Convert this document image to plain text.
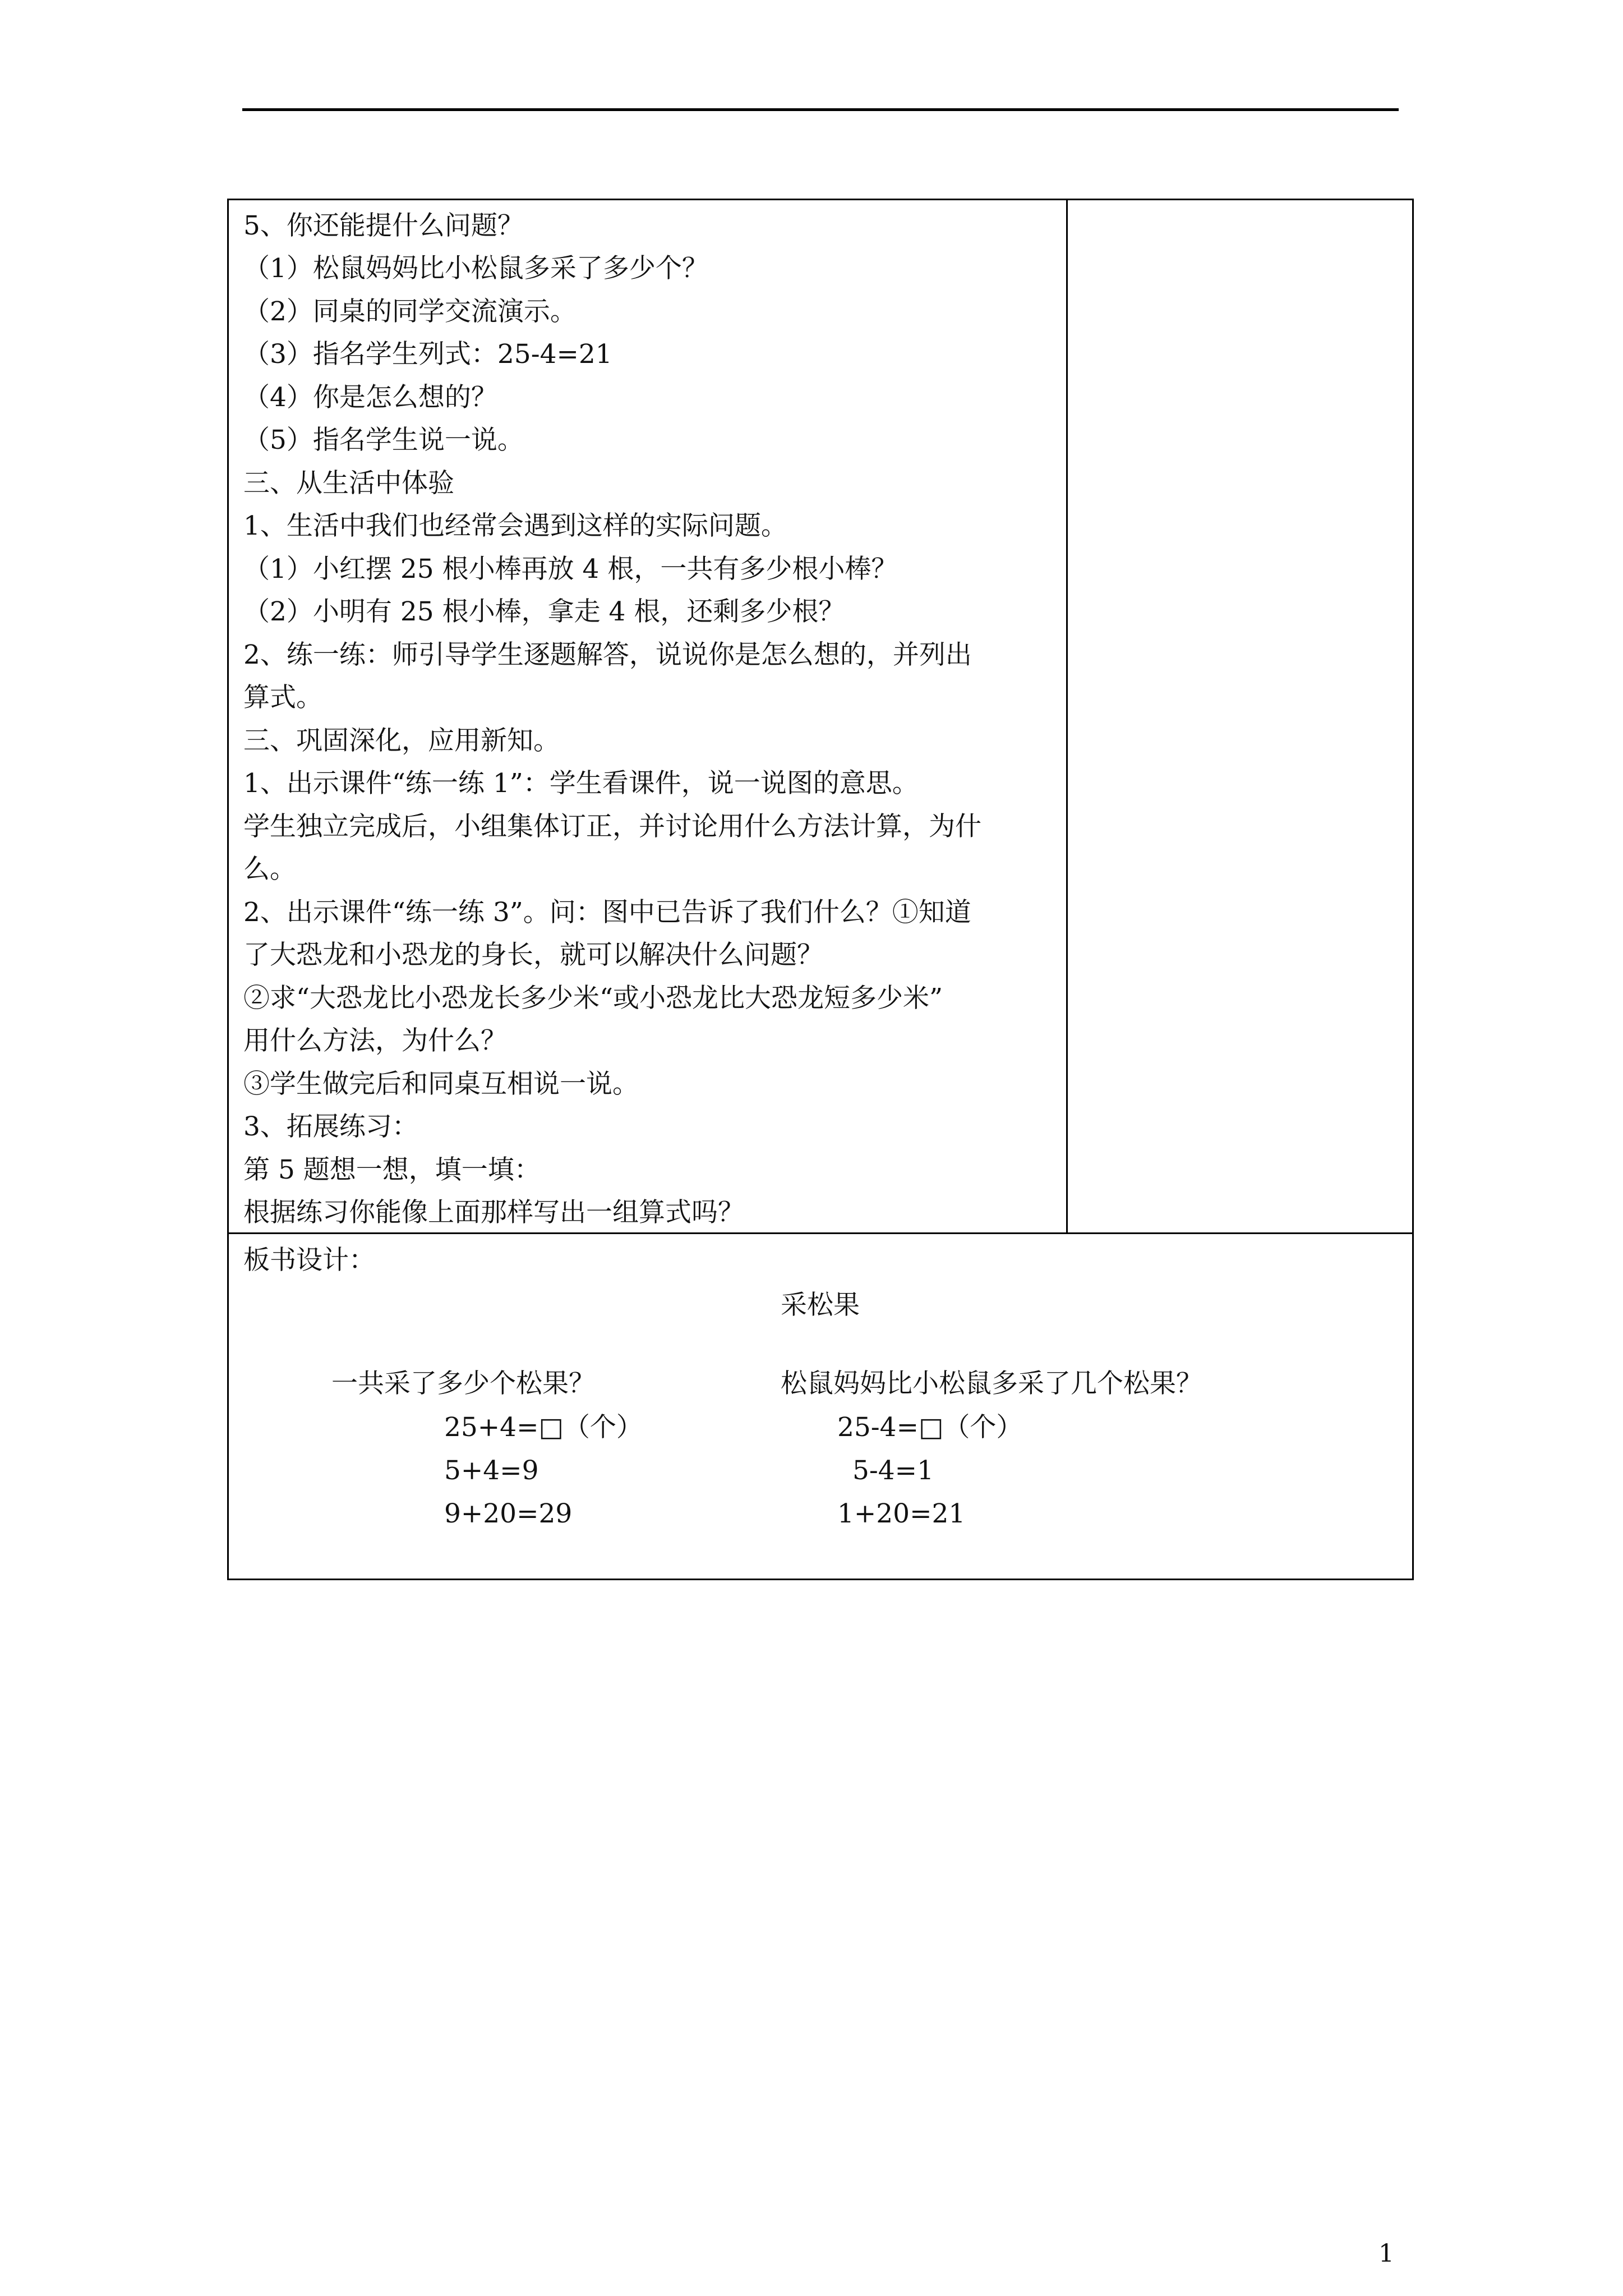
5、你还能提什么问题？
（1）松鼠妈妈比小松鼠多采了多少个？
（2）同桌的同学交流演示。
（3）指名学生列式：25-4=21
（4）你是怎么想的？
（5）指名学生说一说。
三、从生活中体验
1、生活中我们也经常会遇到这样的实际问题。
（1）小红摆 25 根小棒再放 4 根，一共有多少根小棒？
（2）小明有 25 根小棒，拿走 4 根，还剩多少根？
2、练一练：师引导学生逐题解答，说说你是怎么想的，并列出
算式。
三、巩固深化，应用新知。
1、出示课件“练一练 1”：学生看课件，说一说图的意思。
学生独立完成后，小组集体订正，并讨论用什么方法计算，为什
么。
2、出示课件“练一练 3”。问：图中已告诉了我们什么？①知道
了大恐龙和小恐龙的身长，就可以解决什么问题？
②求“大恐龙比小恐龙长多少米“或小恐龙比大恐龙短多少米”
用什么方法，为什么？
③学生做完后和同桌互相说一说。
3、拓展练习：
第 5 题想一想，填一填：
根据练习你能像上面那样写出一组算式吗？
板书设计：
采松果
一共采了多少个松果？
25+4=□（个）
5+4=9
9+20=29
松鼠妈妈比小松鼠多采了几个松果？
25-4=□（个）
5-4=1
1+20=21
1
